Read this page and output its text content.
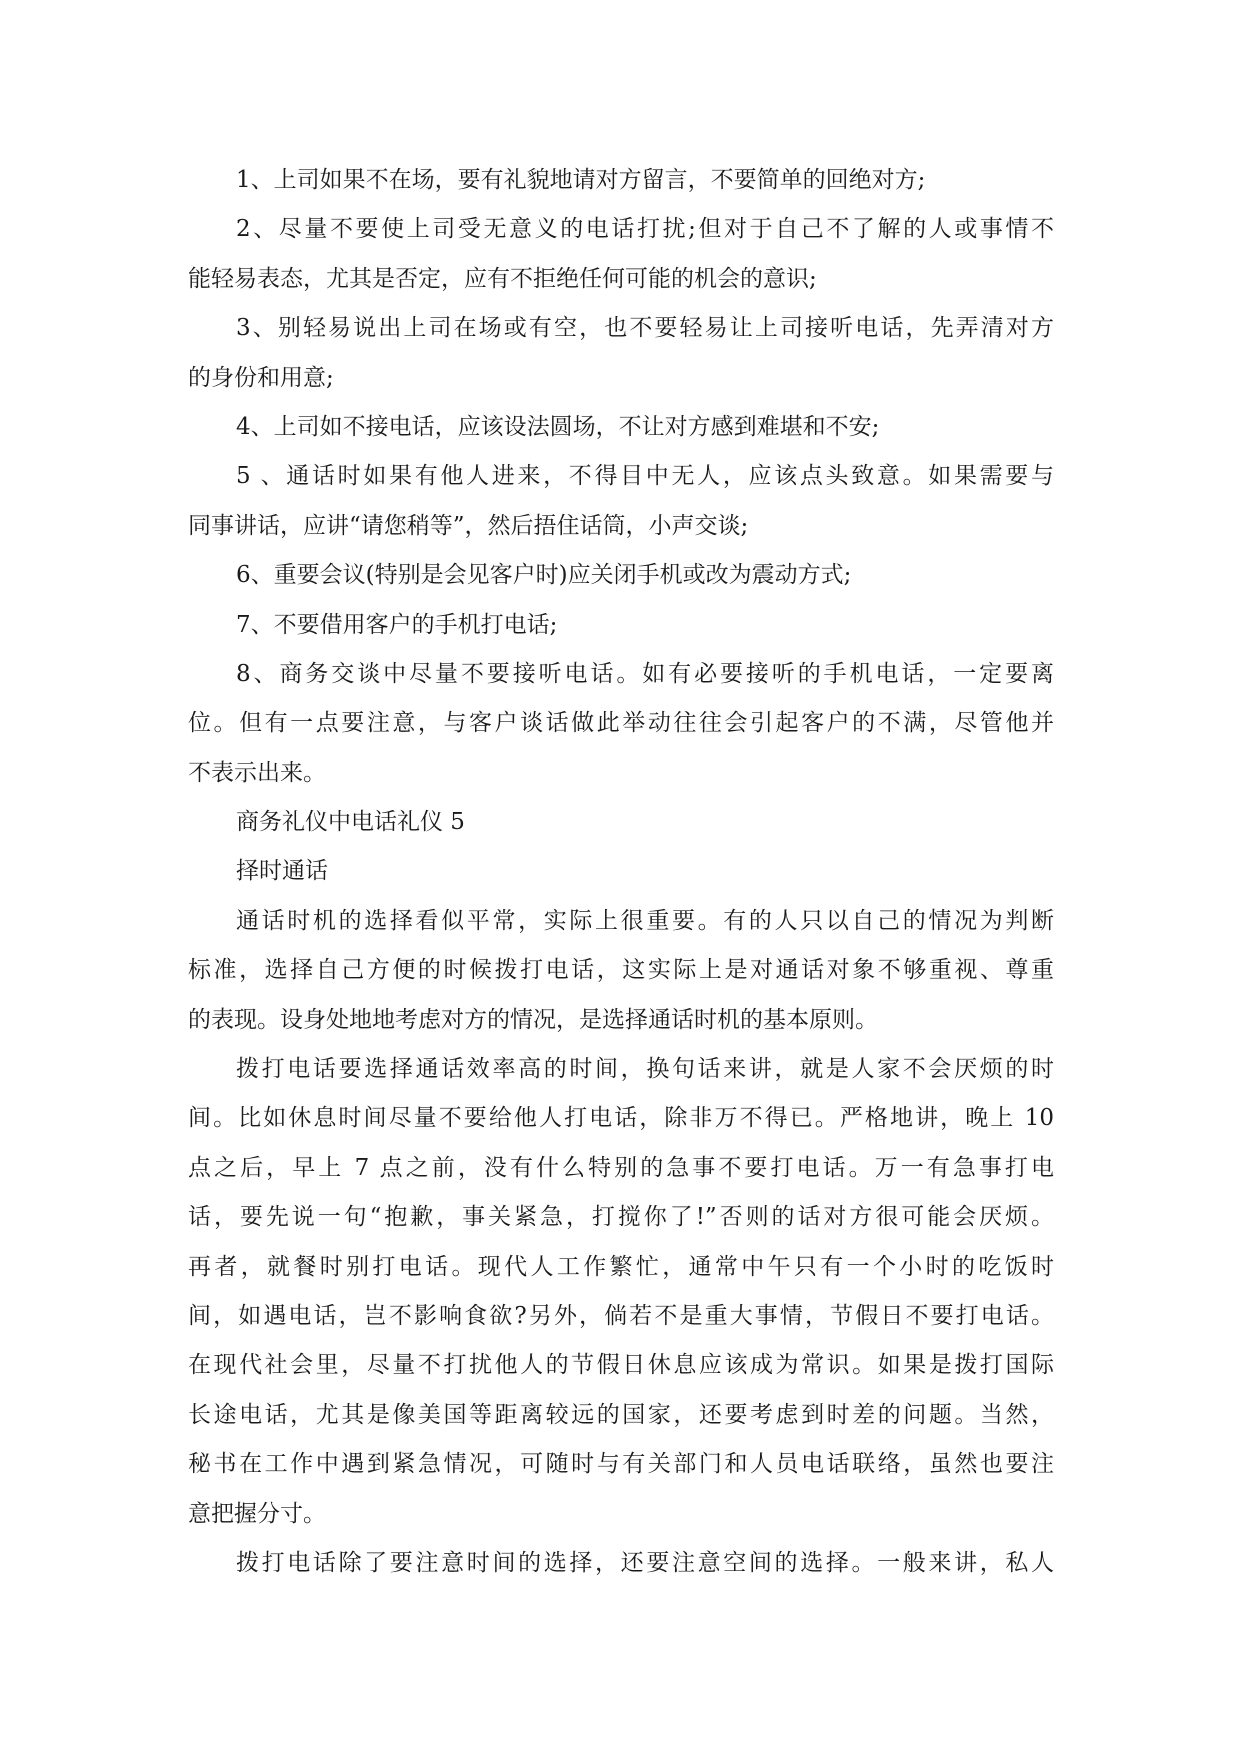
1、上司如果不在场，要有礼貌地请对方留言，不要简单的回绝对方;
2、尽量不要使上司受无意义的电话打扰;但对于自己不了解的人或事情不
能轻易表态，尤其是否定，应有不拒绝任何可能的机会的意识;
3、别轻易说出上司在场或有空，也不要轻易让上司接听电话，先弄清对方
的身份和用意;
4、上司如不接电话，应该设法圆场，不让对方感到难堪和不安;
5 、通话时如果有他人进来，不得目中无人，应该点头致意。如果需要与
同事讲话，应讲“请您稍等”，然后捂住话筒，小声交谈;
6、重要会议(特别是会见客户时)应关闭手机或改为震动方式;
7、不要借用客户的手机打电话;
8、商务交谈中尽量不要接听电话。如有必要接听的手机电话，一定要离
位。但有一点要注意，与客户谈话做此举动往往会引起客户的不满，尽管他并
不表示出来。
商务礼仪中电话礼仪 5
择时通话
通话时机的选择看似平常，实际上很重要。有的人只以自己的情况为判断
标准，选择自己方便的时候拨打电话，这实际上是对通话对象不够重视、尊重
的表现。设身处地地考虑对方的情况，是选择通话时机的基本原则。
拨打电话要选择通话效率高的时间，换句话来讲，就是人家不会厌烦的时
间。比如休息时间尽量不要给他人打电话，除非万不得已。严格地讲，晚上 10
点之后，早上 7 点之前，没有什么特别的急事不要打电话。万一有急事打电
话，要先说一句“抱歉，事关紧急，打搅你了!”否则的话对方很可能会厌烦。
再者，就餐时别打电话。现代人工作繁忙，通常中午只有一个小时的吃饭时
间，如遇电话，岂不影响食欲?另外，倘若不是重大事情，节假日不要打电话。
在现代社会里，尽量不打扰他人的节假日休息应该成为常识。如果是拨打国际
长途电话，尤其是像美国等距离较远的国家，还要考虑到时差的问题。当然，
秘书在工作中遇到紧急情况，可随时与有关部门和人员电话联络，虽然也要注
意把握分寸。
拨打电话除了要注意时间的选择，还要注意空间的选择。一般来讲，私人
